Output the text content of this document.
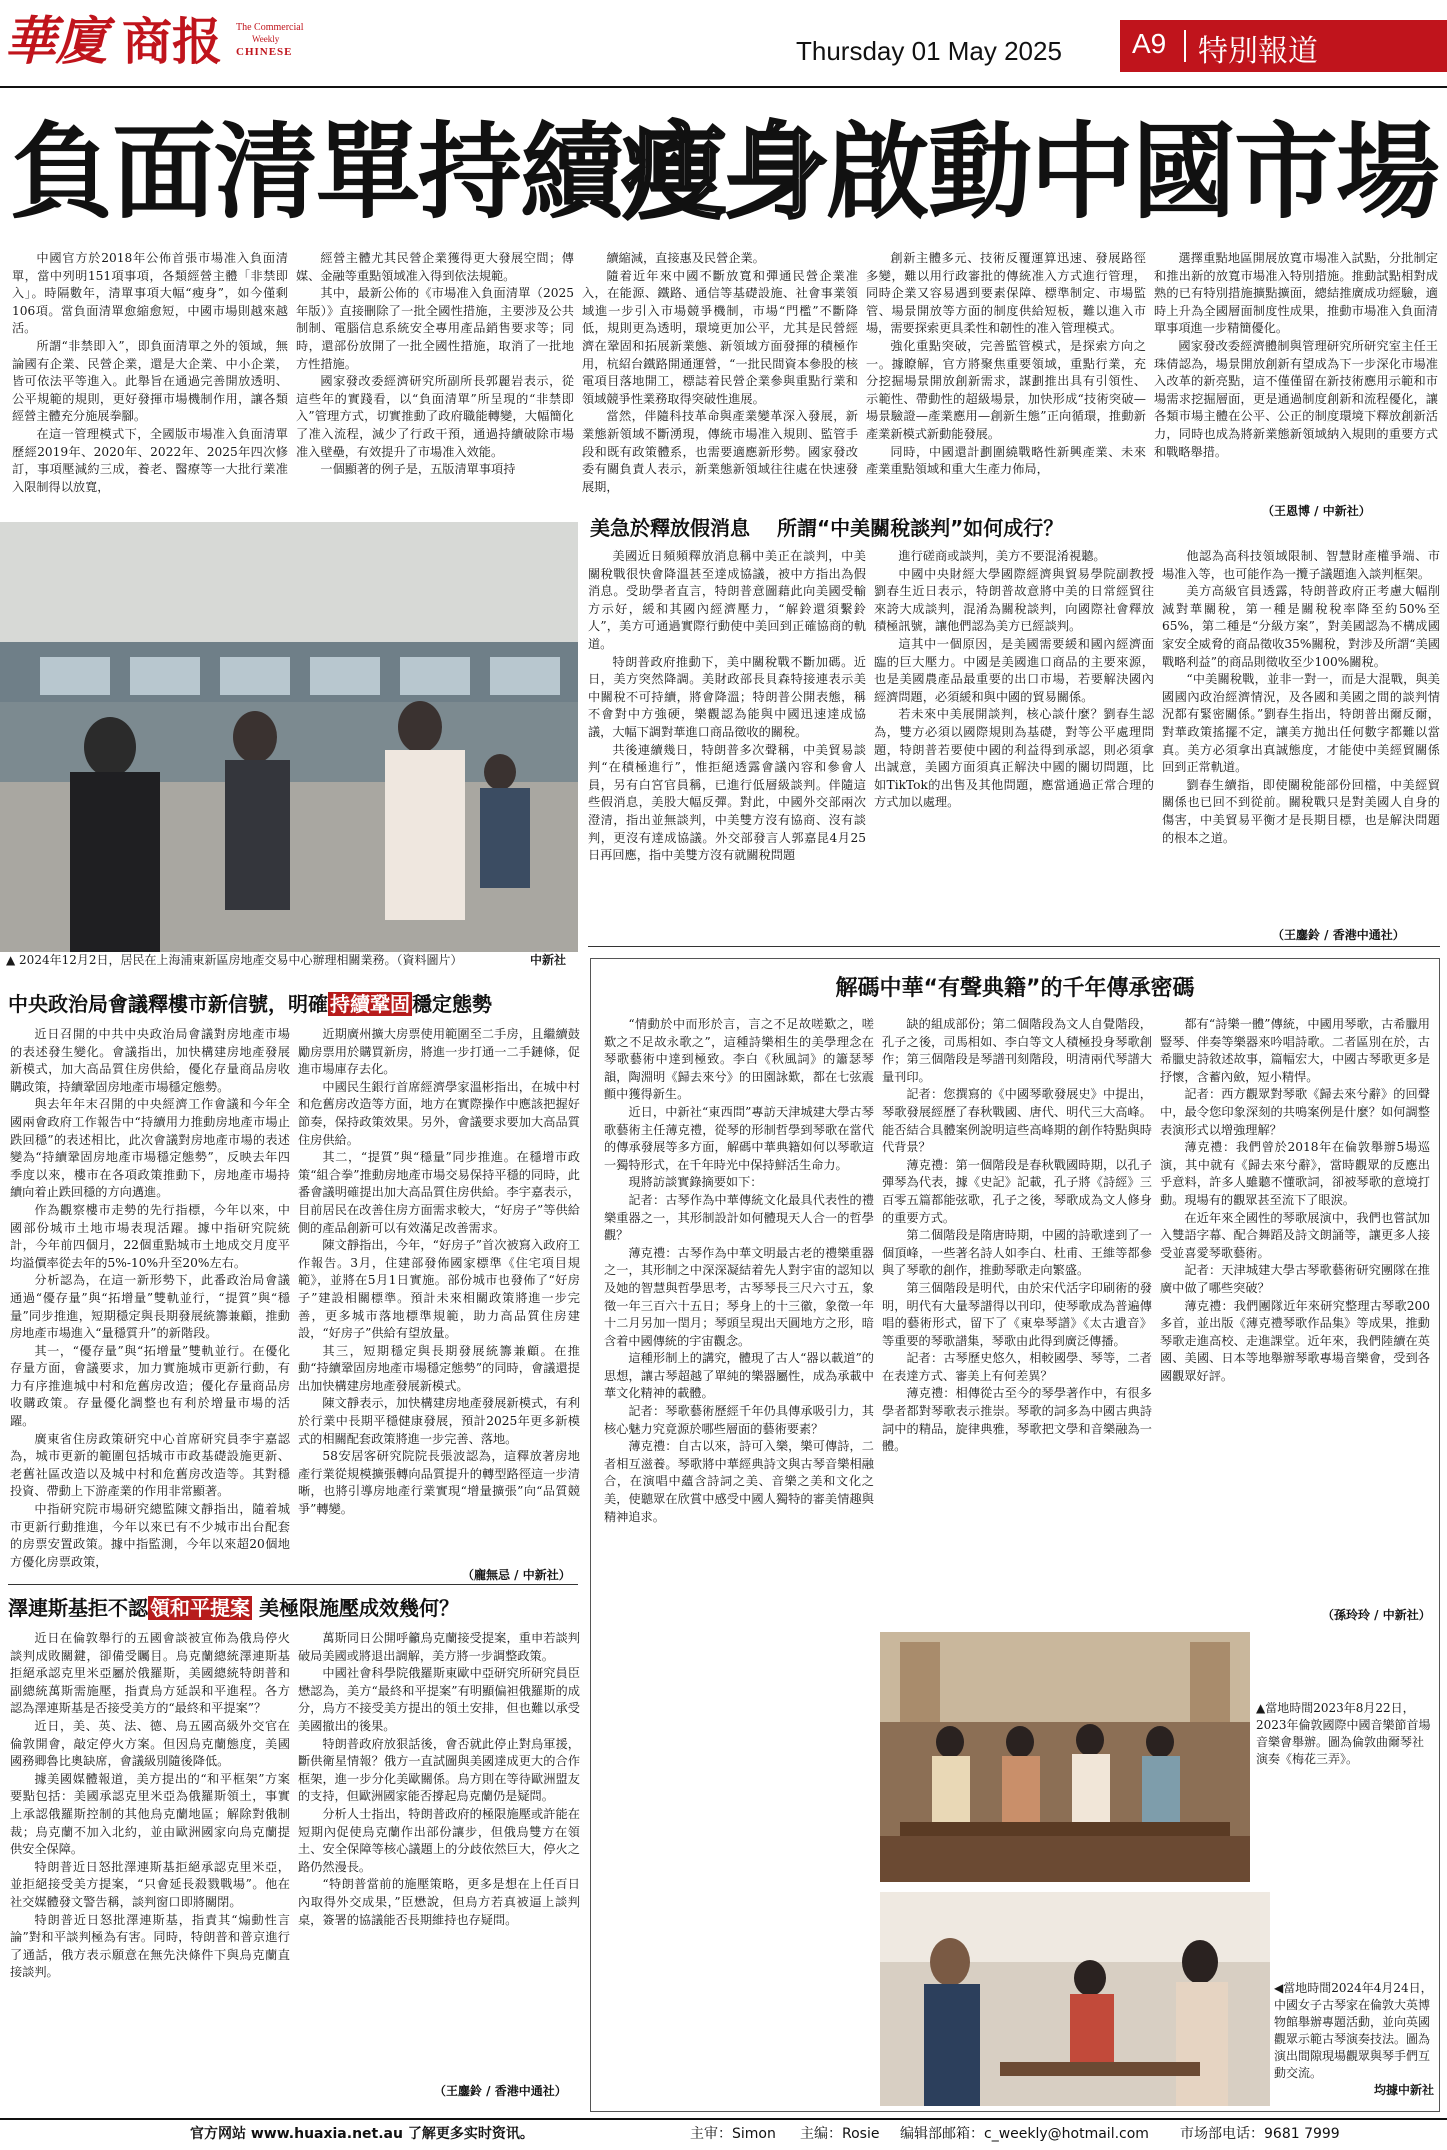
華廈 商报 The Commercial
Weekly
CHINESE	Thursday 01 May 2025	A9 特別報道
負面清單持續瘦身啟動中國市場

中國官方於2018年公佈首張市場准入負面清單，當中列明151項事項，各類經營主體「非禁即入」。時隔數年，清單事項大幅“瘦身”，如今僅剩106項。當負面清單愈縮愈短，中國市場則越來越活。

所謂“非禁即入”，即負面清單之外的領域，無論國有企業、民營企業，還是大企業、中小企業，皆可依法平等進入。此舉旨在通過完善開放透明、公平規範的規則，更好發揮市場機制作用，讓各類經營主體充分施展拳腳。

在這一管理模式下，全國版市場准入負面清單歷經2019年、2020年、2022年、2025年四次修訂，事項壓減約三成，養老、醫療等一大批行業准入限制得以放寬，

經營主體尤其民營企業獲得更大發展空間；傳媒、金融等重點領域准入得到依法規範。

其中，最新公佈的《市場准入負面清單（2025年版）》直接刪除了一批全國性措施，主要涉及公共制制、電腦信息系統安全專用產品銷售要求等；同時，還部份放開了一批全國性措施，取消了一批地方性措施。

國家發改委經濟研究所副所長郭麗岩表示，從這些年的實踐看，以“負面清單”所呈現的“非禁即入”管理方式，切實推動了政府職能轉變，大幅簡化了准入流程，減少了行政干預，通過持續破除市場准入壁壘，有效提升了市場准入效能。

一個顯著的例子是，五版清單事項持

續縮減，直接惠及民營企業。

隨着近年來中國不斷放寬和彈通民營企業准入，在能源、鐵路、通信等基礎設施、社會事業領域進一步引入市場競爭機制，市場“門檻”不斷降低，規則更為透明，環境更加公平，尤其是民營經濟在鞏固和拓展新業態、新領域方面發揮的積極作用，杭紹台鐵路開通運營，“一批民間資本參股的核電項目落地開工，標誌着民營企業參與重點行業和領域競爭性業務取得突破性進展。

當然，伴隨科技革命與產業變革深入發展，新業態新領域不斷湧現，傳統市場准入規則、監管手段和既有政策體系，也需要適應新形勢。國家發改委有關負責人表示，新業態新領域往往處在快速發展期，

創新主體多元、技術反覆運算迅速、發展路徑多變，難以用行政審批的傳統准入方式進行管理，同時企業又容易遇到要素保障、標準制定、市場監管、場景開放等方面的制度供給短板，難以進入市場，需要探索更具柔性和韌性的准入管理模式。

強化重點突破，完善監管模式，是探索方向之一。據瞭解，官方將聚焦重要領域，重點行業，充分挖掘場景開放創新需求，謀劃推出具有引領性、示範性、帶動性的超級場景，加快形成“技術突破—場景驗證—產業應用—創新生態”正向循環，推動新產業新模式新動能發展。

同時，中國還計劃圍繞戰略性新興產業、未來產業重點領域和重大生產力佈局，

選擇重點地區開展放寬市場准入試點，分批制定和推出新的放寬市場准入特別措施。推動試點相對成熟的已有特別措施擴點擴面，總結推廣成功經驗，適時上升為全國層面制度性成果，推動市場准入負面清單事項進一步精簡優化。

國家發改委經濟體制與管理研究所研究室主任王珠倩認為，場景開放創新有望成為下一步深化市場准入改革的新亮點，這不僅僅留在新技術應用示範和市場需求挖掘層面，更是通過制度創新和流程優化，讓各類市場主體在公平、公正的制度環境下釋放創新活力，同時也成為將新業態新領域納入規則的重要方式和戰略舉措。

（王恩博 / 中新社）
▲ 2024年12月2日，居民在上海浦東新區房地產交易中心辦理相關業務。（資料圖片）	中新社
美急於釋放假消息　 所謂“中美關稅談判”如何成行？

美國近日頻頻釋放消息稱中美正在談判，中美關稅戰很快會降溫甚至達成協議，被中方指出為假消息。受助學者直言，特朗普意圖藉此向美國受輸方示好，緩和其國內經濟壓力，“解鈴還須繫鈴人”，美方可通過實際行動使中美回到正確協商的軌道。

特朗普政府推動下，美中關稅戰不斷加碼。近日，美方突然降調。美財政部長貝森特接連表示美中關稅不可持續，將會降溫；特朗普公開表態，稱不會對中方強硬，樂觀認為能與中國迅速達成協議，大幅下調對華進口商品徵收的關稅。

共後連續幾日，特朗普多次聲稱，中美貿易談判“在積極進行”，惟拒絕透露會議內容和參會人員，另有白宮官員稱，已進行低層級談判。伴隨這些假消息，美股大幅反彈。對此，中國外交部兩次澄清，指出並無談判，中美雙方沒有協商、沒有談判，更沒有達成協議。外交部發言人郭嘉昆4月25日再回應，指中美雙方沒有就關稅問題

進行磋商或談判，美方不要混淆視聽。

中國中央財經大學國際經濟與貿易學院副教授劉春生近日表示，特朗普故意將中美的日常經貿往來誇大成談判，混淆為關稅談判，向國際社會釋放積極訊號，讓他們認為美方已經談判。

這其中一個原因，是美國需要緩和國內經濟面臨的巨大壓力。中國是美國進口商品的主要來源，也是美國農產品最重要的出口市場，若要解決國內經濟問題，必須緩和與中國的貿易關係。

若未來中美展開談判，核心談什麼？劉春生認為，雙方必須以國際規則為基礎，對等公平處理問題，特朗普若要使中國的利益得到承認，則必須拿出誠意，美國方面須真正解決中國的關切問題，比如TikTok的出售及其他問題，應當通過正常合理的方式加以處理。

他認為高科技領域限制、智慧財產權爭端、市場准入等，也可能作為一攬子議題進入談判框架。

美方高級官員透露，特朗普政府正考慮大幅削減對華關稅，第一種是關稅稅率降至約50%至65%，第二種是“分級方案”，對美國認為不構成國家安全威脅的商品徵收35%關稅，對涉及所謂“美國戰略利益”的商品則徵收至少100%關稅。

“中美關稅戰，並非一對一，而是大混戰，與美國國內政治經濟情況，及各國和美國之間的談判情況都有緊密關係。”劉春生指出，特朗普出爾反爾，對華政策搖擺不定，讓美方拋出任何數字都難以當真。美方必須拿出真誠態度，才能使中美經貿關係回到正常軌道。

劉春生續指，即使關稅能部份回檔，中美經貿關係也已回不到從前。關稅戰只是對美國人自身的傷害，中美貿易平衡才是長期目標，也是解決問題的根本之道。

（王鏖鈴 / 香港中通社）
中央政治局會議釋樓市新信號，明確 持續鞏固 穩定態勢

近日召開的中共中央政治局會議對房地產市場的表述發生變化。會議指出，加快構建房地產發展新模式，加大高品質住房供給，優化存量商品房收購政策，持續鞏固房地產市場穩定態勢。

與去年年末召開的中央經濟工作會議和今年全國兩會政府工作報告中“持續用力推動房地產市場止跌回穩”的表述相比，此次會議對房地產市場的表述變為“持續鞏固房地產市場穩定態勢”，反映去年四季度以來，樓市在各項政策推動下，房地產市場持續向着止跌回穩的方向邁進。

作為觀察樓市走勢的先行指標，今年以來，中國部份城市土地市場表現活躍。據中指研究院統計，今年前四個月，22個重點城市土地成交月度平均溢價率從去年的5%-10%升至20%左右。

分析認為，在這一新形勢下，此番政治局會議通過“優存量”與“拓增量”雙軌並行，“提質”與“穩量”同步推進，短期穩定與長期發展統籌兼顧，推動房地產市場進入“量穩質升”的新階段。

其一，“優存量”與“拓增量”雙軌並行。在優化存量方面，會議要求，加力實施城市更新行動，有力有序推進城中村和危舊房改造；優化存量商品房收購政策。存量優化調整也有利於增量市場的活躍。

廣東省住房政策研究中心首席研究員李宇嘉認為，城市更新的範圍包括城市市政基礎設施更新、老舊社區改造以及城中村和危舊房改造等。其對穩投資、帶動上下游產業的作用非常顯著。

中指研究院市場研究總監陳文靜指出，隨着城市更新行動推進，今年以來已有不少城市出台配套的房票安置政策。據中指監測，今年以來超20個地方優化房票政策，

近期廣州擴大房票使用範圍至二手房，且繼續鼓勵房票用於購買新房，將進一步打通一二手鏈條，促進市場庫存去化。

中國民生銀行首席經濟學家溫彬指出，在城中村和危舊房改造等方面，地方在實際操作中應該把握好節奏，保持政策效果。另外，會議要求要加大高品質住房供給。

其二，“提質”與“穩量”同步推進。在穩增市政策“組合拳”推動房地產市場交易保持平穩的同時，此番會議明確提出加大高品質住房供給。李宇嘉表示，目前居民在改善住房方面需求較大，“好房子”等供給側的產品創新可以有效滿足改善需求。

陳文靜指出，今年，“好房子”首次被寫入政府工作報告。3月，住建部發佈國家標準《住宅項目規範》，並將在5月1日實施。部份城市也發佈了“好房子”建設相關標準。預計未來相關政策將進一步完善，更多城市落地標準規範，助力高品質住房建設，“好房子”供給有望放量。

其三，短期穩定與長期發展統籌兼顧。在推動“持續鞏固房地產市場穩定態勢”的同時，會議還提出加快構建房地產發展新模式。

陳文靜表示，加快構建房地產發展新模式，有利於行業中長期平穩健康發展，預計2025年更多新模式的相關配套政策將進一步完善、落地。

58安居客研究院院長張波認為，這釋放著房地產行業從規模擴張轉向品質提升的轉型路徑這一步清晰，也將引導房地產行業實現“增量擴張”向“品質競爭”轉變。

（龐無忌 / 中新社）
解碼中華“有聲典籍”的千年傳承密碼

“情動於中而形於言，言之不足故嗟歎之，嗟歎之不足故永歌之”，這種詩樂相生的美學理念在琴歌藝術中達到極致。李白《秋風詞》的簫瑟琴韻，陶淵明《歸去來兮》的田園詠歎，都在七弦震顫中獲得新生。

近日，中新社“東西問”專訪天津城建大學古琴歌藝術主任薄克禮，從琴的形制哲學到琴歌在當代的傳承發展等多方面，解碼中華典籍如何以琴歌這一獨特形式，在千年時光中保持鮮活生命力。

現將訪談實錄摘要如下：

記者：古琴作為中華傳統文化最具代表性的禮樂重器之一，其形制設計如何體現天人合一的哲學觀？

薄克禮：古琴作為中華文明最古老的禮樂重器之一，其形制之中深深凝結着先人對宇宙的認知以及她的智慧與哲學思考，古琴琴長三尺六寸五，象徵一年三百六十五日；琴身上的十三徽，象徵一年十二月另加一閏月；琴頭呈現出天圓地方之形，暗含着中國傳統的宇宙觀念。

這種形制上的講究，體現了古人“器以載道”的思想，讓古琴超越了單純的樂器屬性，成為承載中華文化精神的載體。

記者：琴歌藝術歷經千年仍具傳承吸引力，其核心魅力究竟源於哪些層面的藝術要素？

薄克禮：自古以來，詩可入樂，樂可傳詩，二者相互滋養。琴歌將中華經典詩文與古琴音樂相融合，在演唱中蘊含詩詞之美、音樂之美和文化之美，使聽眾在欣賞中感受中國人獨特的審美情趣與精神追求。

缺的組成部份；第二個階段為文人自覺階段，孔子之後，司馬相如、李白等文人積極投身琴歌創作；第三個階段是琴譜刊刻階段，明清兩代琴譜大量刊印。

記者：您撰寫的《中國琴歌發展史》中提出，琴歌發展經歷了春秋戰國、唐代、明代三大高峰。能否結合具體案例說明這些高峰期的創作特點與時代背景？

薄克禮：第一個階段是春秋戰國時期，以孔子彈琴為代表，據《史記》記載，孔子將《詩經》三百零五篇都能弦歌，孔子之後，琴歌成為文人修身的重要方式。

第二個階段是隋唐時期，中國的詩歌達到了一個頂峰，一些著名詩人如李白、杜甫、王維等都參與了琴歌的創作，推動琴歌走向繁盛。

第三個階段是明代，由於宋代活字印刷術的發明，明代有大量琴譜得以刊印，使琴歌成為普遍傳唱的藝術形式，留下了《東皋琴譜》《太古遺音》等重要的琴歌譜集，琴歌由此得到廣泛傳播。

記者：古琴歷史悠久，相較國學、琴等，二者在表達方式、審美上有何差異？

薄克禮：相傳從古至今的琴學著作中，有很多學者都對琴歌表示推崇。琴歌的詞多為中國古典詩詞中的精品，旋律典雅，琴歌把文學和音樂融為一體。

都有“詩樂一體”傳統，中國用琴歌，古希臘用豎琴、伴奏等樂器來吟唱詩歌。二者區別在於，古希臘史詩敘述故事，篇幅宏大，中國古琴歌更多是抒懷，含蓄內斂，短小精悍。

記者：西方觀眾對琴歌《歸去來兮辭》的回聲中，最令您印象深刻的共鳴案例是什麼？如何調整表演形式以增強理解？

薄克禮：我們曾於2018年在倫敦舉辦5場巡演，其中就有《歸去來兮辭》，當時觀眾的反應出乎意料，許多人雖聽不懂歌詞，卻被琴歌的意境打動。現場有的觀眾甚至流下了眼淚。

在近年來全國性的琴歌展演中，我們也嘗試加入雙語字幕、配合舞蹈及詩文朗誦等，讓更多人接受並喜愛琴歌藝術。

記者：天津城建大學古琴歌藝術研究團隊在推廣中做了哪些突破？

薄克禮：我們團隊近年來研究整理古琴歌200多首，並出版《薄克禮琴歌作品集》等成果，推動琴歌走進高校、走進課堂。近年來，我們陸續在英國、美國、日本等地舉辦琴歌專場音樂會，受到各國觀眾好評。

（孫玲玲 / 中新社）
▲當地時間2023年8月22日，2023年倫敦國際中國音樂節首場音樂會舉辦。圖為倫敦曲爾琴社演奏《梅花三弄》。
◀當地時間2024年4月24日，中國女子古琴家在倫敦大英博物館舉辦專題活動，並向英國觀眾示範古琴演奏技法。圖為演出間隙現場觀眾與琴手們互動交流。
均據中新社
澤連斯基拒不認 領和平提案 美極限施壓成效幾何？

近日在倫敦舉行的五國會談被宣佈為俄烏停火談判成敗關鍵，卻備受矚目。烏克蘭總統澤連斯基拒絕承認克里米亞屬於俄羅斯，美國總統特朗普和副總統萬斯需施壓，指責烏方延誤和平進程。各方認為澤連斯基是否接受美方的“最終和平提案”？

近日，美、英、法、德、烏五國高級外交官在倫敦開會，敲定停火方案。但因烏克蘭態度，美國國務卿魯比奧缺席，會議級別隨後降低。

據美國媒體報道，美方提出的“和平框架”方案要點包括：美國承認克里米亞為俄羅斯領土，事實上承認俄羅斯控制的其他烏克蘭地區；解除對俄制裁；烏克蘭不加入北約，並由歐洲國家向烏克蘭提供安全保障。

特朗普近日怒批澤連斯基拒絕承認克里米亞，並拒絕接受美方提案，“只會延長殺戮戰場”。他在社交媒體發文警告稱，談判窗口即將關閉。

特朗普近日怒批澤連斯基，指責其“煽動性言論”對和平談判極為有害。同時，特朗普和普京進行了通話，俄方表示願意在無先決條件下與烏克蘭直接談判。

萬斯同日公開呼籲烏克蘭接受提案，重申若談判破局美國或將退出調解，美方將一步調整政策。

中國社會科學院俄羅斯東歐中亞研究所研究員臣懋認為，美方“最終和平提案”有明顯偏袒俄羅斯的成分，烏方不接受美方提出的領土安排，但也難以承受美國撤出的後果。

特朗普政府放狠話後，會否就此停止對烏軍援，斷供衛星情報？俄方一直試圖與美國達成更大的合作框架，進一步分化美歐關係。烏方則在等待歐洲盟友的支持，但歐洲國家能否撐起烏克蘭仍是疑問。

分析人士指出，特朗普政府的極限施壓或許能在短期內促使烏克蘭作出部份讓步，但俄烏雙方在領土、安全保障等核心議題上的分歧依然巨大，停火之路仍然漫長。

“特朗普當前的施壓策略，更多是想在上任百日內取得外交成果，”臣懋說，但烏方若真被逼上談判桌，簽署的協議能否長期維持也存疑問。

（王鏖鈴 / 香港中通社）
官方网站 www.huaxia.net.au 了解更多实时资讯。	主审：Simon 主编：Rosie 编辑部邮箱：c_weekly@hotmail.com 市场部电话：9681 7999
